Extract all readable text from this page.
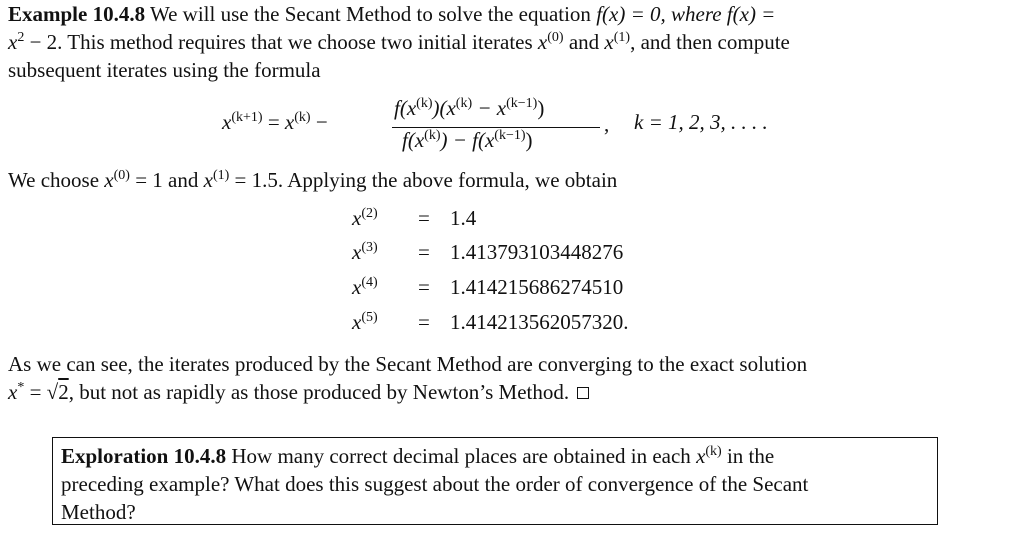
Example 10.4.8 We will use the Secant Method to solve the equation f(x) = 0, where f(x) =
$x^2 - 2$. This method requires that we choose two initial iterates $x^{(0)}$ and $x^{(1)}$, and then compute
subsequent iterates using the formula
$x^{(k+1)} = x^{(k)}$ −
$f(x^{(k)})(x^{(k)} - x^{(k-1)})$
$f(x^{(k)}) - f(x^{(k-1)})$
, k = 1, 2, 3, . . . .
We choose $x^{(0)} = 1$ and $x^{(1)} = 1.5$. Applying the above formula, we obtain
$x^{(2)} = 1.4$
$x^{(3)} = 1.413793103448276$
$x^{(4)} = 1.414215686274510$
$x^{(5)} = 1.414213562057320$.
As we can see, the iterates produced by the Secant Method are converging to the exact solution
x* = √2, but not as rapidly as those produced by Newton’s Method.
Exploration 10.4.8 How many correct decimal places are obtained in each $x^{(k)}$ in the
preceding example? What does this suggest about the order of convergence of the Secant
Method?
